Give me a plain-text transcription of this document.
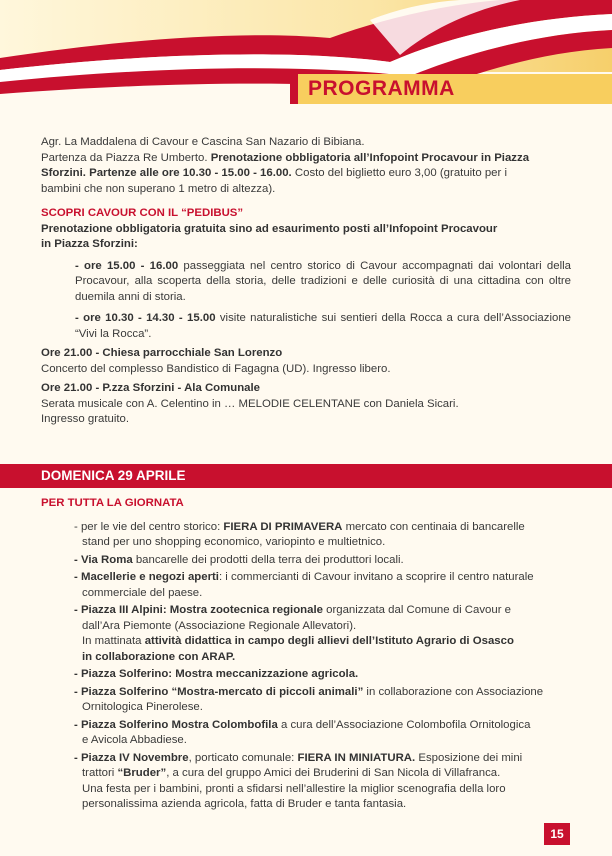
PROGRAMMA

Agr. La Maddalena di Cavour e Cascina San Nazario di Bibiana.

Partenza da Piazza Re Umberto. Prenotazione obbligatoria all’Infopoint Procavour in Piazza

Sforzini. Partenze alle ore 10.30 - 15.00 - 16.00. Costo del biglietto euro 3,00 (gratuito per i

bambini che non superano 1 metro di altezza).

SCOPRI CAVOUR CON IL “PEDIBUS”

Prenotazione obbligatoria gratuita sino ad esaurimento posti all’Infopoint Procavour

in Piazza Sforzini:

- ore 15.00 - 16.00 passeggiata nel centro storico di Cavour accompagnati dai volontari della Procavour, alla scoperta della storia, delle tradizioni e delle curiosità di una cittadina con oltre duemila anni di storia.

- ore 10.30 - 14.30 - 15.00 visite naturalistiche sui sentieri della Rocca a cura dell’Associazione “Vivi la Rocca”.

Ore 21.00 - Chiesa parrocchiale San Lorenzo

Concerto del complesso Bandistico di Fagagna (UD). Ingresso libero.

Ore 21.00 - P.zza Sforzini - Ala Comunale

Serata musicale con A. Celentino in … MELODIE CELENTANE con Daniela Sicari.

Ingresso gratuito.

DOMENICA 29 APRILE

PER TUTTA LA GIORNATA

- per le vie del centro storico: FIERA DI PRIMAVERA mercato con centinaia di bancarelle
stand per uno shopping economico, variopinto e multietnico.

- Via Roma bancarelle dei prodotti della terra dei produttori locali.

- Macellerie e negozi aperti: i commercianti di Cavour invitano a scoprire il centro naturale
commerciale del paese.

- Piazza III Alpini: Mostra zootecnica regionale organizzata dal Comune di Cavour e
dall’Ara Piemonte (Associazione Regionale Allevatori).
In mattinata attività didattica in campo degli allievi dell’Istituto Agrario di Osasco
in collaborazione con ARAP.

- Piazza Solferino: Mostra meccanizzazione agricola.

- Piazza Solferino “Mostra-mercato di piccoli animali” in collaborazione con Associazione
Ornitologica Pinerolese.

- Piazza Solferino Mostra Colombofila a cura dell’Associazione Colombofila Ornitologica
e Avicola Abbadiese.

- Piazza IV Novembre, porticato comunale: FIERA IN MINIATURA. Esposizione dei mini
trattori “Bruder”, a cura del gruppo Amici dei Bruderini di San Nicola di Villafranca.
Una festa per i bambini, pronti a sfidarsi nell’allestire la miglior scenografia della loro
personalissima azienda agricola, fatta di Bruder e tanta fantasia.

15
